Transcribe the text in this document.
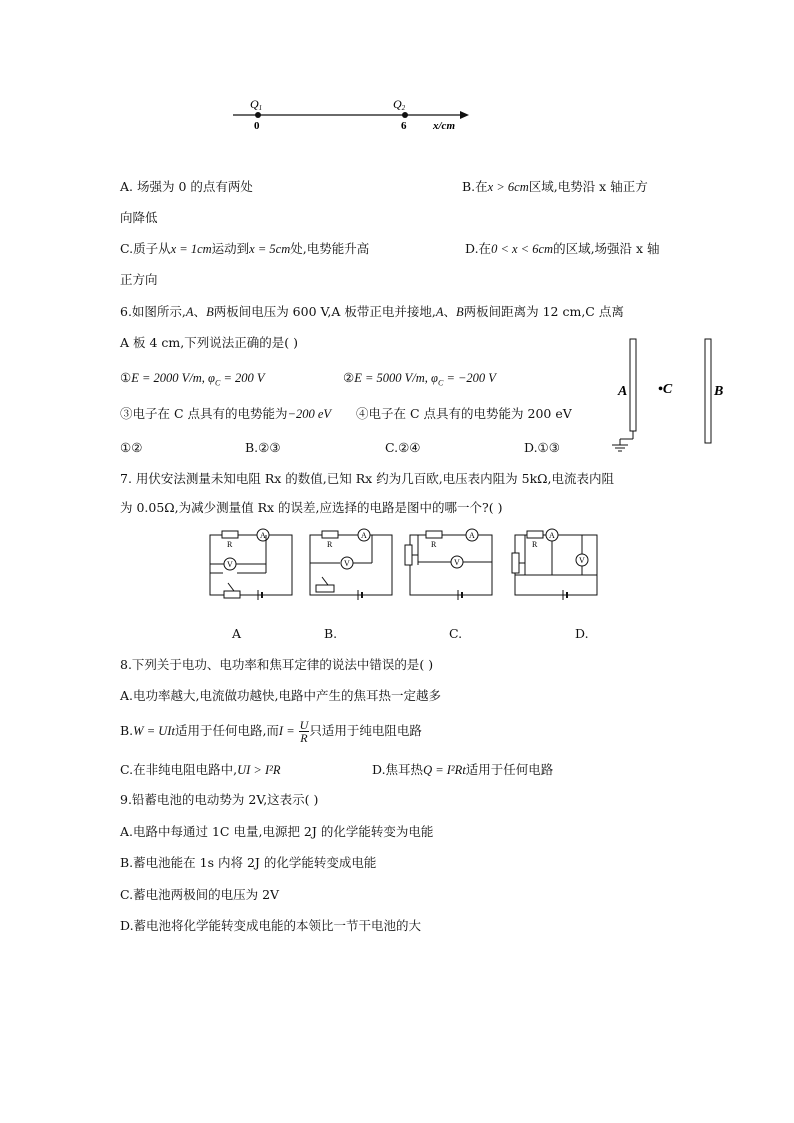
Q1	Q2
0	6 x/cm
A. 场强为 0 的点有两处	B.在x > 6cm区域,电势沿 x 轴正方
向降低
C.质子从x = 1cm运动到x = 5cm处,电势能升高	D.在0 < x < 6cm的区域,场强沿 x 轴
正方向
6.如图所示,A、B两板间电压为 600 V,A 板带正电并接地,A、B两板间距离为 12 cm,C 点离
A 板 4 cm,下列说法正确的是( )
①E = 2000 V/m, $\varphi_C = 200$ V	②E = 5000 V/m, $\varphi_C = -200$ V
③电子在 C 点具有的电势能为−200 eV ④电子在 C 点具有的电势能为 200 eV
①②	B.②③	C.②④	D.①③
A •C	B
7. 用伏安法测量未知电阻 Rx 的数值,已知 Rx 约为几百欧,电压表内阻为 5kΩ,电流表内阻
为 0.05Ω,为减少测量值 Rx 的误差,应选择的电路是图中的哪一个?( )
R
A
V
R
A
V
R
A
V
R
V
A
A	B.	C.	D.
8.下列关于电功、电功率和焦耳定律的说法中错误的是( )
A.电功率越大,电流做功越快,电路中产生的焦耳热一定越多
B.W = UIt适用于任何电路,而$I = \frac{U}{R}$ 只适用于纯电阻电路
C.在非纯电阻电路中,UI > I²R	D.焦耳热Q = I²Rt适用于任何电路
9.铅蓄电池的电动势为 2V,这表示( )
A.电路中每通过 1C 电量,电源把 2J 的化学能转变为电能
B.蓄电池能在 1s 内将 2J 的化学能转变成电能
C.蓄电池两极间的电压为 2V
D.蓄电池将化学能转变成电能的本领比一节干电池的大
